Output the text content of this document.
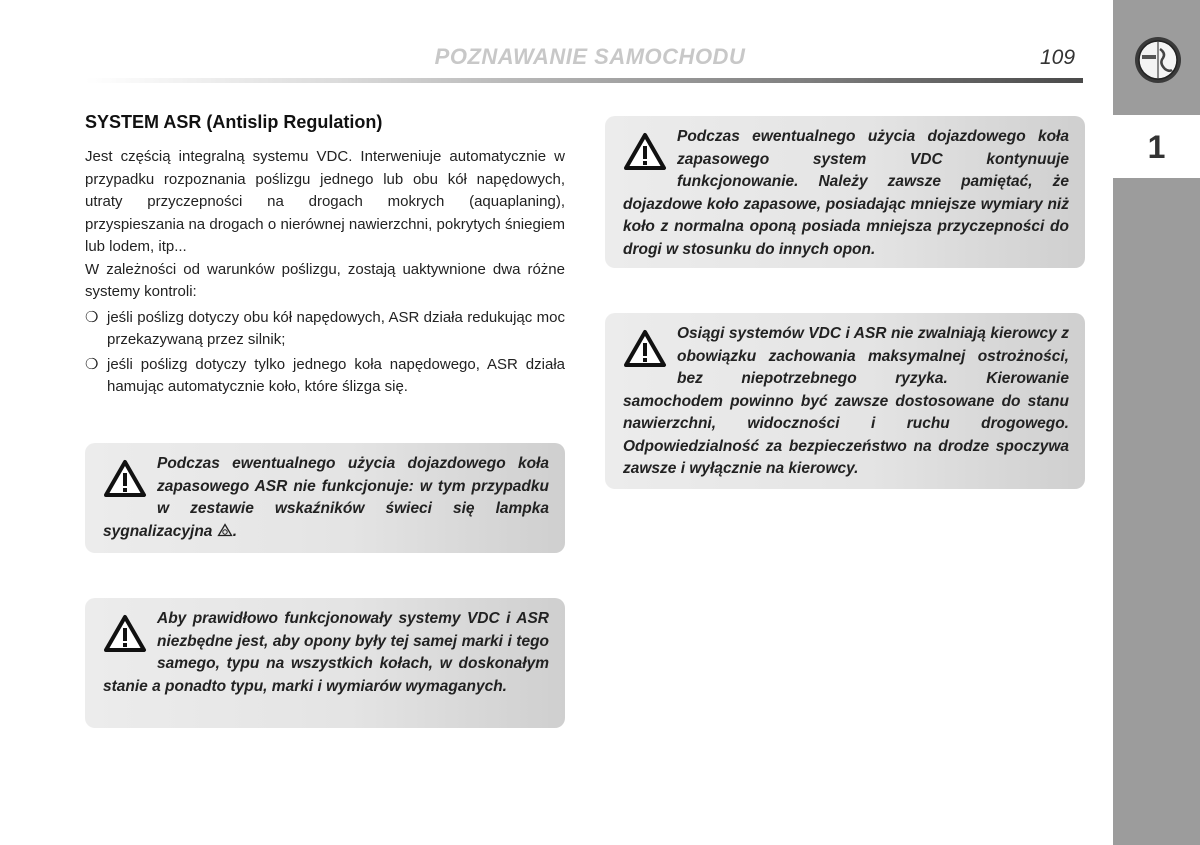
POZNAWANIE SAMOCHODU	109
1
SYSTEM ASR (Antislip Regulation)

Jest częścią integralną systemu VDC. Interweniuje automatycznie w przypadku rozpoznania poślizgu jednego lub obu kół napędowych, utraty przyczepności na drogach mokrych (aquaplaning), przyspieszania na drogach o nierównej nawierzchni, pokrytych śniegiem lub lodem, itp...

W zależności od warunków poślizgu, zostają uaktywnione dwa różne systemy kontroli:

❍ jeśli poślizg dotyczy obu kół napędowych, ASR działa redukując moc przekazywaną przez silnik;
❍ jeśli poślizg dotyczy tylko jednego koła napędowego, ASR działa hamując automatycznie koło, które ślizga się.
Podczas ewentualnego użycia dojazdowego koła zapasowego ASR nie funkcjonuje: w tym przypadku w zestawie wskaźników świeci się lampka sygnalizacyjna .
Aby prawidłowo funkcjonowały systemy VDC i ASR niezbędne jest, aby opony były tej samej marki i tego samego, typu na wszystkich kołach, w doskonałym stanie a ponadto typu, marki i wymiarów wymaganych.
Podczas ewentualnego użycia dojazdowego koła zapasowego system VDC kontynuuje funkcjonowanie. Należy zawsze pamiętać, że dojazdowe koło zapasowe, posiadając mniejsze wymiary niż koło z normalna oponą posiada mniejsza przyczepności do drogi w stosunku do innych opon.
Osiągi systemów VDC i ASR nie zwalniają kierowcy z obowiązku zachowania maksymalnej ostrożności, bez niepotrzebnego ryzyka. Kierowanie samochodem powinno być zawsze dostosowane do stanu nawierzchni, widoczności i ruchu drogowego. Odpowiedzialność za bezpieczeństwo na drodze spoczywa zawsze i wyłącznie na kierowcy.
